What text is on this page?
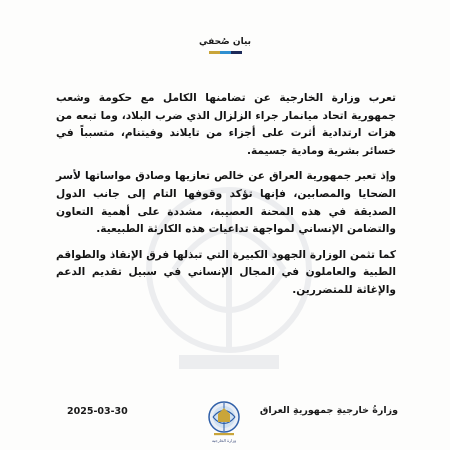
بيان صُحفي

تعرب وزارة الخارجية عن تضامنها الكامل مع حكومة وشعب جمهورية اتحاد ميانمار جراء الزلزال الذي ضرب البلاد، وما تبعه من هزات ارتدادية أثرت على أجزاء من تايلاند وفيتنام، متسبباً في خسائر بشرية ومادية جسيمة.

وإذ تعبر جمهورية العراق عن خالص تعازيها وصادق مواساتها لأسر الضحايا والمصابين، فإنها تؤكد وقوفها التام إلى جانب الدول الصديقة في هذه المحنة العصيبة، مشددة على أهمية التعاون والتضامن الإنساني لمواجهة تداعيات هذه الكارثة الطبيعية.

كما تثمن الوزارة الجهود الكبيرة التي تبذلها فرق الإنقاذ والطواقم الطبية والعاملون في المجال الإنساني في سبيل تقديم الدعم والإغاثة للمتضررين.

2025-03-30
وزارة الخارجية
وزارةُ خارجيةِ جمهوريةِ العراق
